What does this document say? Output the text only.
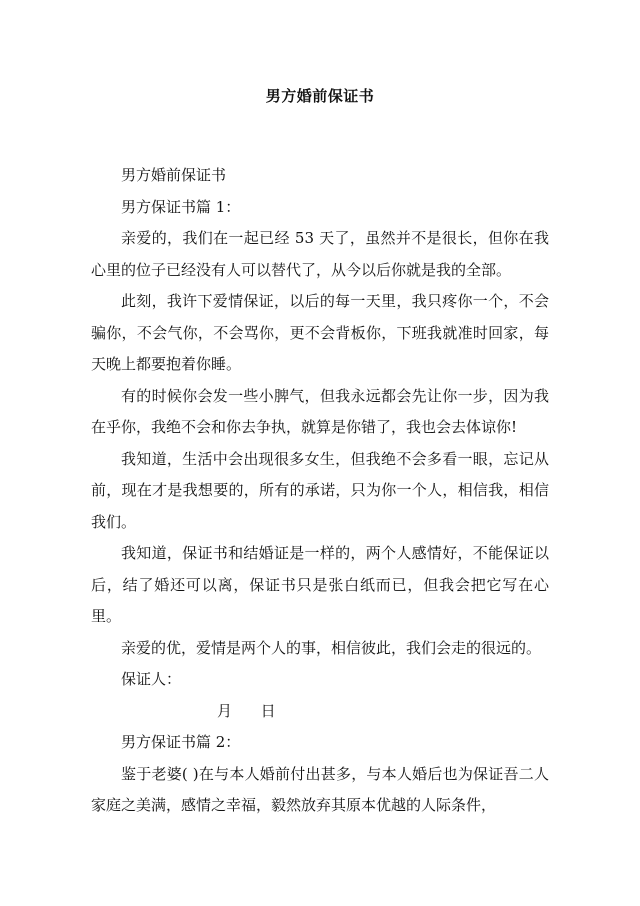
男方婚前保证书

男方婚前保证书

男方保证书篇 1：

亲爱的，我们在一起已经 53 天了，虽然并不是很长，但你在我心里的位子已经没有人可以替代了，从今以后你就是我的全部。

此刻，我许下爱情保证，以后的每一天里，我只疼你一个，不会骗你，不会气你，不会骂你，更不会背板你，下班我就准时回家，每天晚上都要抱着你睡。

有的时候你会发一些小脾气，但我永远都会先让你一步，因为我在乎你，我绝不会和你去争执，就算是你错了，我也会去体谅你!

我知道，生活中会出现很多女生，但我绝不会多看一眼，忘记从前，现在才是我想要的，所有的承诺，只为你一个人，相信我，相信我们。

我知道，保证书和结婚证是一样的，两个人感情好，不能保证以后，结了婚还可以离，保证书只是张白纸而已，但我会把它写在心里。

亲爱的优，爱情是两个人的事，相信彼此，我们会走的很远的。

保证人：

月      日

男方保证书篇 2：

鉴于老婆( )在与本人婚前付出甚多，与本人婚后也为保证吾二人家庭之美满，感情之幸福，毅然放弃其原本优越的人际条件，
